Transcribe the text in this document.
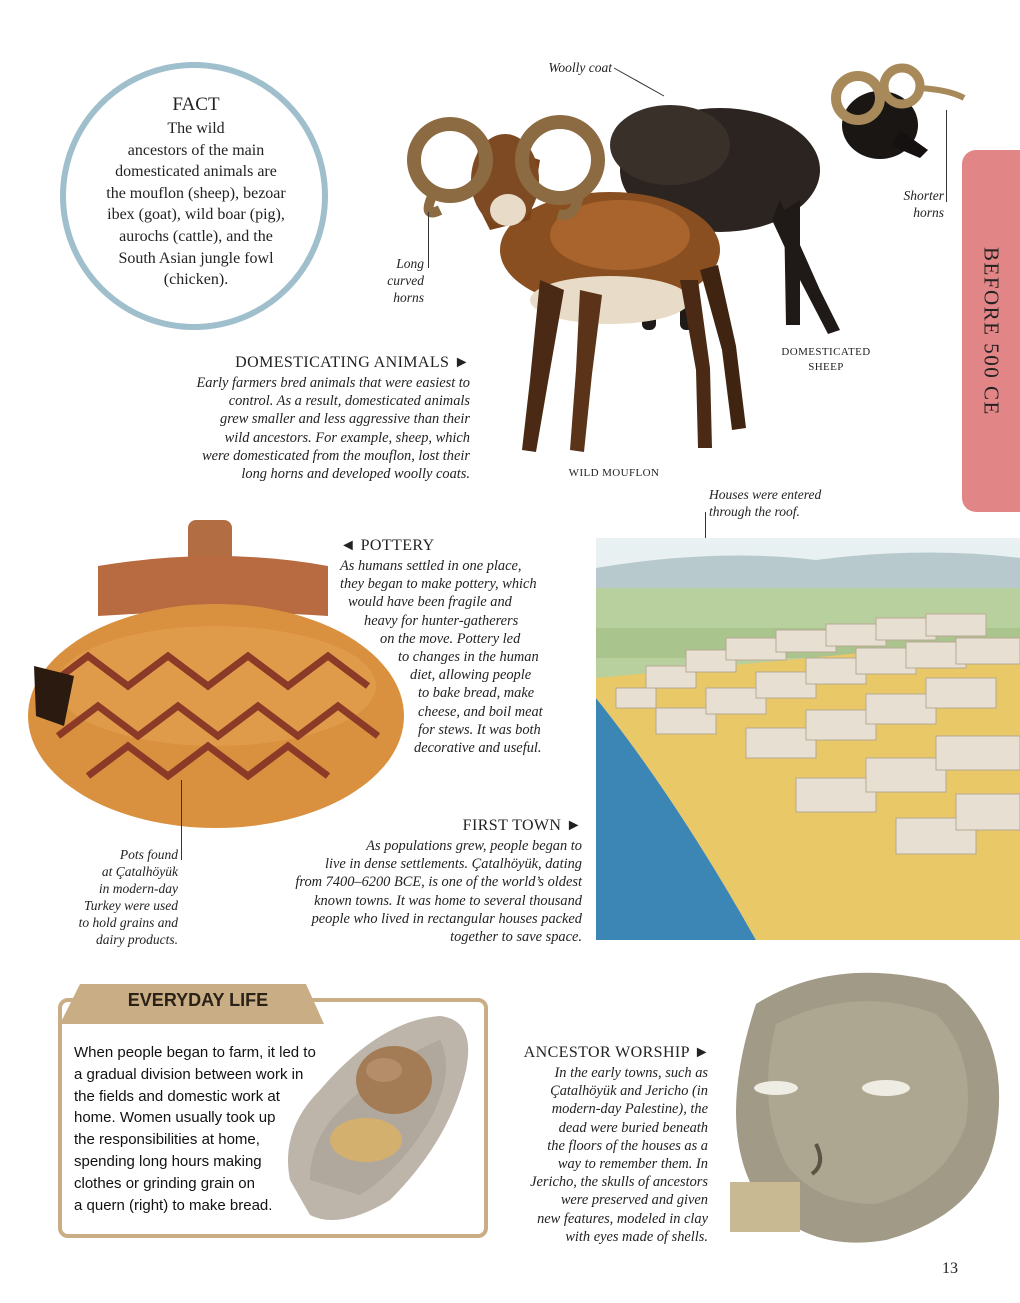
FACT
The wild
ancestors of the main
domesticated animals are
the mouflon (sheep), bezoar
ibex (goat), wild boar (pig),
aurochs (cattle), and the
South Asian jungle fowl
(chicken).
Woolly coat
Shorter
horns
Long
curved
horns
DOMESTICATED
SHEEP
WILD MOUFLON
DOMESTICATING ANIMALS ►
Early farmers bred animals that were easiest to
control. As a result, domesticated animals
grew smaller and less aggressive than their
wild ancestors. For example, sheep, which
were domesticated from the mouflon, lost their
long horns and developed woolly coats.
BEFORE 500 CE
Pots found
at Çatalhöyük
in modern-day
Turkey were used
to hold grains and
dairy products.
◄ POTTERY
As humans settled in one place,
they began to make pottery, which
would have been fragile and
heavy for hunter-gatherers
on the move. Pottery led
to changes in the human
diet, allowing people
to bake bread, make
cheese, and boil meat
for stews. It was both
decorative and useful.
Houses were entered
through the roof.
FIRST TOWN ►
As populations grew, people began to
live in dense settlements. Çatalhöyük, dating
from 7400–6200 BCE, is one of the world’s oldest
known towns. It was home to several thousand
people who lived in rectangular houses packed
together to save space.
EVERYDAY LIFE
When people began to farm, it led to
a gradual division between work in
the fields and domestic work at
home. Women usually took up
the responsibilities at home,
spending long hours making
clothes or grinding grain on
a quern (right) to make bread.
ANCESTOR WORSHIP ►
In the early towns, such as
Çatalhöyük and Jericho (in
modern-day Palestine), the
dead were buried beneath
the floors of the houses as a
way to remember them. In
Jericho, the skulls of ancestors
were preserved and given
new features, modeled in clay
with eyes made of shells.
13
